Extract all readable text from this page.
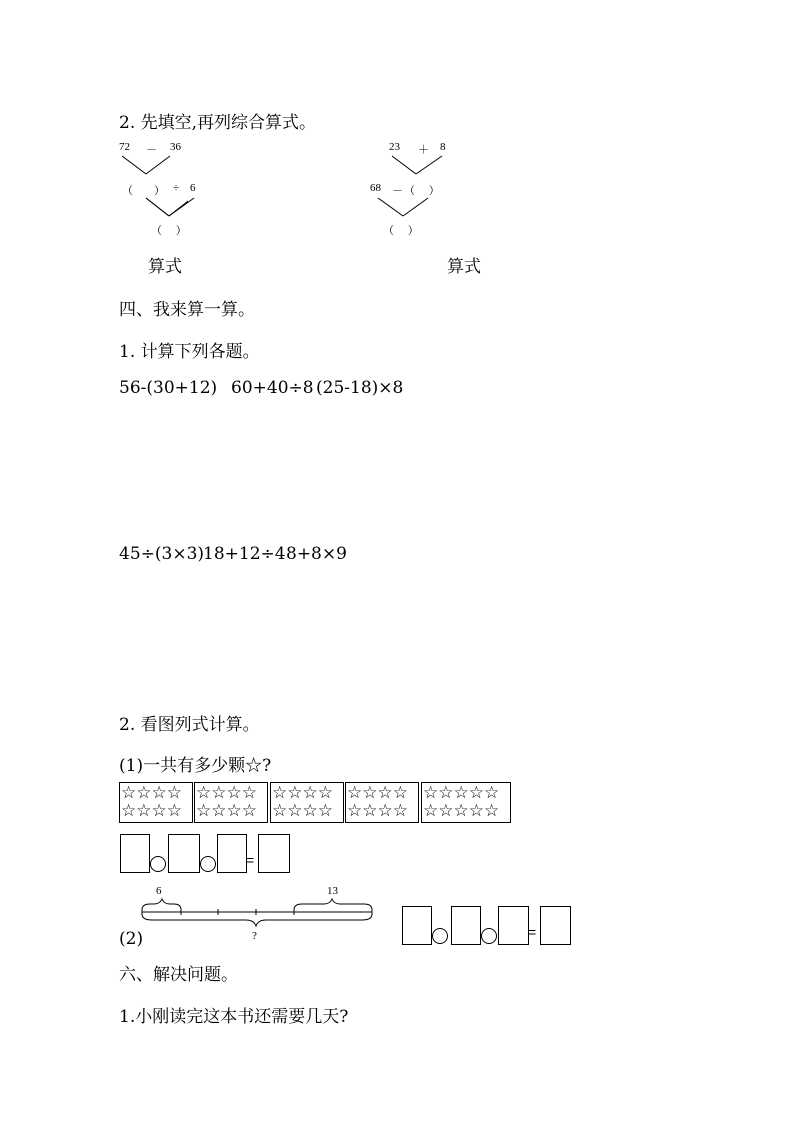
2. 先填空,再列综合算式。
72 － 36
（ ） ÷ 6
（　 ）
算式
23 ＋ 8
68 － （　 ）
（　 ）
算式
四、我来算一算。
1. 计算下列各题。
56-(30+12) 60+40÷8 (25-18)×8
45÷(3×3)
18+12÷4 8+8×9
2. 看图列式计算。
(1)一共有多少颗☆?
☆☆☆☆
☆☆☆☆
☆☆☆☆
☆☆☆☆
☆☆☆☆
☆☆☆☆
☆☆☆☆
☆☆☆☆
☆☆☆☆☆
☆☆☆☆☆
=
6	13
?
(2)	=
六、解决问题。
1.小刚读完这本书还需要几天?
